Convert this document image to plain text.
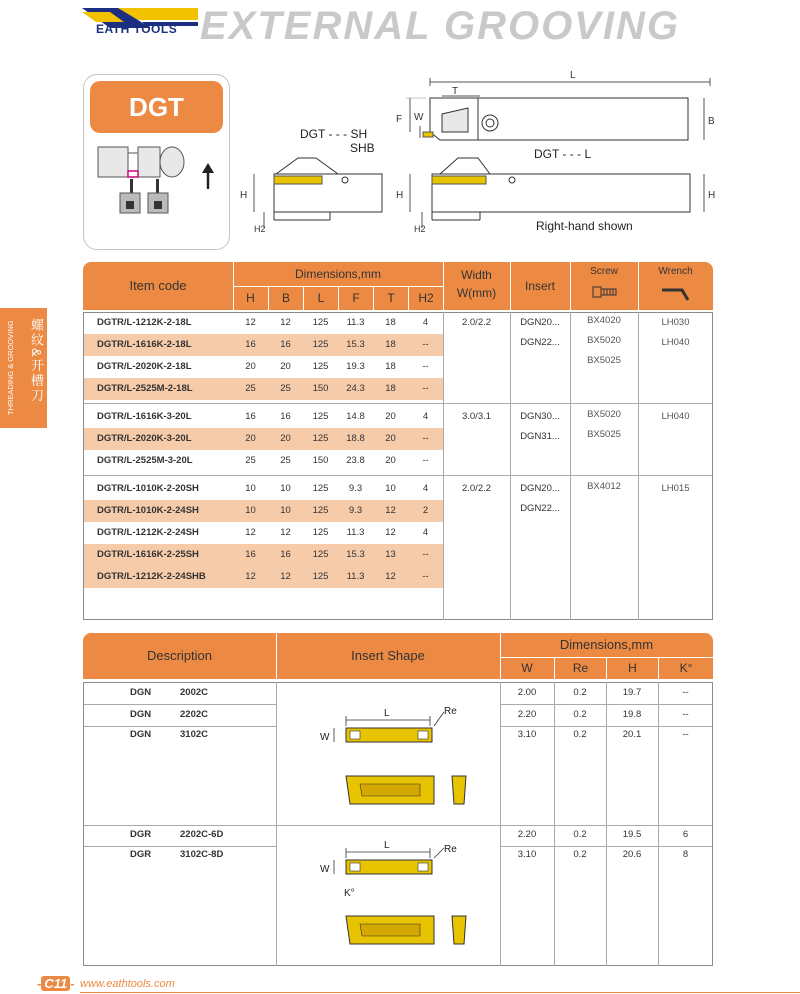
EATH TOOLS EXTERNAL GROOVING
THREADING & GROOVING 螺纹&开槽刀
DGT
L
T
F W	B
H
H2
H
H2
H
DGT - - - SH
SHB	DGT - - - L
Right-hand shown
Item code
Dimensions,mm	Width
W(mm)	Insert
Screw	Wrench
Description	Insert Shape
Dimensions,mm
L	Re
W
L	Re
W
K°
- C11 - www.eathtools.com
H	B	L	F	T	H2
DGTR/L-1212K-2-18L	12	12	125	11.3	18	4
DGTR/L-1616K-2-18L	16	16	125	15.3	18	--
DGTR/L-2020K-2-18L	20	20	125	19.3	18	--
DGTR/L-2525M-2-18L	25	25	150	24.3	18	--
2.0/2.2	DGN20...
DGN22...
BX4020
BX5020
BX5025
LH030
LH040
DGTR/L-1616K-3-20L	16	16	125	14.8	20	4
DGTR/L-2020K-3-20L	20	20	125	18.8	20	--
DGTR/L-2525M-3-20L	25	25	150	23.8	20	--
3.0/3.1	DGN30...
DGN31...
BX5020
BX5025
LH040
DGTR/L-1010K-2-20SH	10	10	125	9.3	10	4
DGTR/L-1010K-2-24SH	10	10	125	9.3	12	2
DGTR/L-1212K-2-24SH	12	12	125	11.3	12	4
DGTR/L-1616K-2-25SH	16	16	125	15.3	13	--
DGTR/L-1212K-2-24SHB	12	12	125	11.3	12	--
2.0/2.2	DGN20...
DGN22...
BX4012	LH015
W	Re	H	K°
DGN	2002C	2.00	0.2	19.7	--
DGN	2202C	2.20	0.2	19.8	--
DGN	3102C	3.10	0.2	20.1	--
DGR	2202C-6D	2.20	0.2	19.5	6
DGR	3102C-8D	3.10	0.2	20.6	8
